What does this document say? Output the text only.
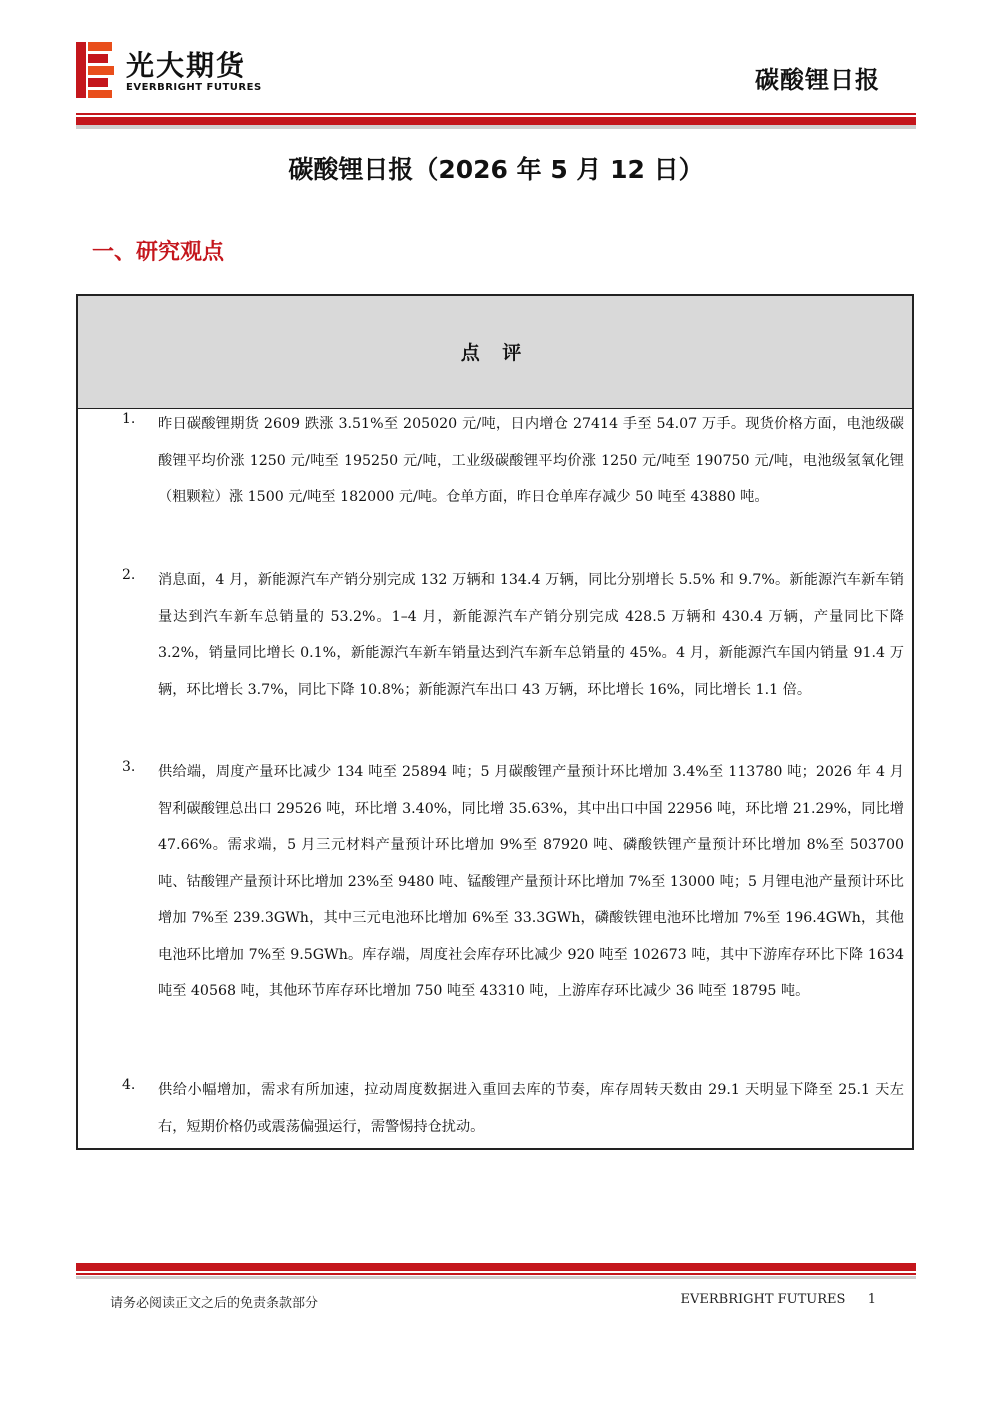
光大期货
EVERBRIGHT FUTURES	碳酸锂日报
碳酸锂日报（2026 年 5 月 12 日）
一、研究观点
点 评
1. 昨日碳酸锂期货 2609 跌涨 3.51%至 205020 元/吨，日内增仓 27414 手至 54.07 万手。现货价格方面，电池级碳酸锂平均价涨 1250 元/吨至 195250 元/吨，工业级碳酸锂平均价涨 1250 元/吨至 190750 元/吨，电池级氢氧化锂（粗颗粒）涨 1500 元/吨至 182000 元/吨。仓单方面，昨日仓单库存减少 50 吨至 43880 吨。
2. 消息面，4 月，新能源汽车产销分别完成 132 万辆和 134.4 万辆，同比分别增长 5.5% 和 9.7%。新能源汽车新车销量达到汽车新车总销量的 53.2%。1–4 月，新能源汽车产销分别完成 428.5 万辆和 430.4 万辆，产量同比下降 3.2%，销量同比增长 0.1%，新能源汽车新车销量达到汽车新车总销量的 45%。4 月，新能源汽车国内销量 91.4 万辆，环比增长 3.7%，同比下降 10.8%；新能源汽车出口 43 万辆，环比增长 16%，同比增长 1.1 倍。
3. 供给端，周度产量环比减少 134 吨至 25894 吨；5 月碳酸锂产量预计环比增加 3.4%至 113780 吨；2026 年 4 月智利碳酸锂总出口 29526 吨，环比增 3.40%，同比增 35.63%，其中出口中国 22956 吨，环比增 21.29%，同比增 47.66%。需求端，5 月三元材料产量预计环比增加 9%至 87920 吨、磷酸铁锂产量预计环比增加 8%至 503700 吨、钴酸锂产量预计环比增加 23%至 9480 吨、锰酸锂产量预计环比增加 7%至 13000 吨；5 月锂电池产量预计环比增加 7%至 239.3GWh，其中三元电池环比增加 6%至 33.3GWh，磷酸铁锂电池环比增加 7%至 196.4GWh，其他电池环比增加 7%至 9.5GWh。库存端，周度社会库存环比减少 920 吨至 102673 吨，其中下游库存环比下降 1634 吨至 40568 吨，其他环节库存环比增加 750 吨至 43310 吨，上游库存环比减少 36 吨至 18795 吨。
4. 供给小幅增加，需求有所加速，拉动周度数据进入重回去库的节奏，库存周转天数由 29.1 天明显下降至 25.1 天左右，短期价格仍或震荡偏强运行，需警惕持仓扰动。
请务必阅读正文之后的免责条款部分	EVERBRIGHT FUTURES 1
